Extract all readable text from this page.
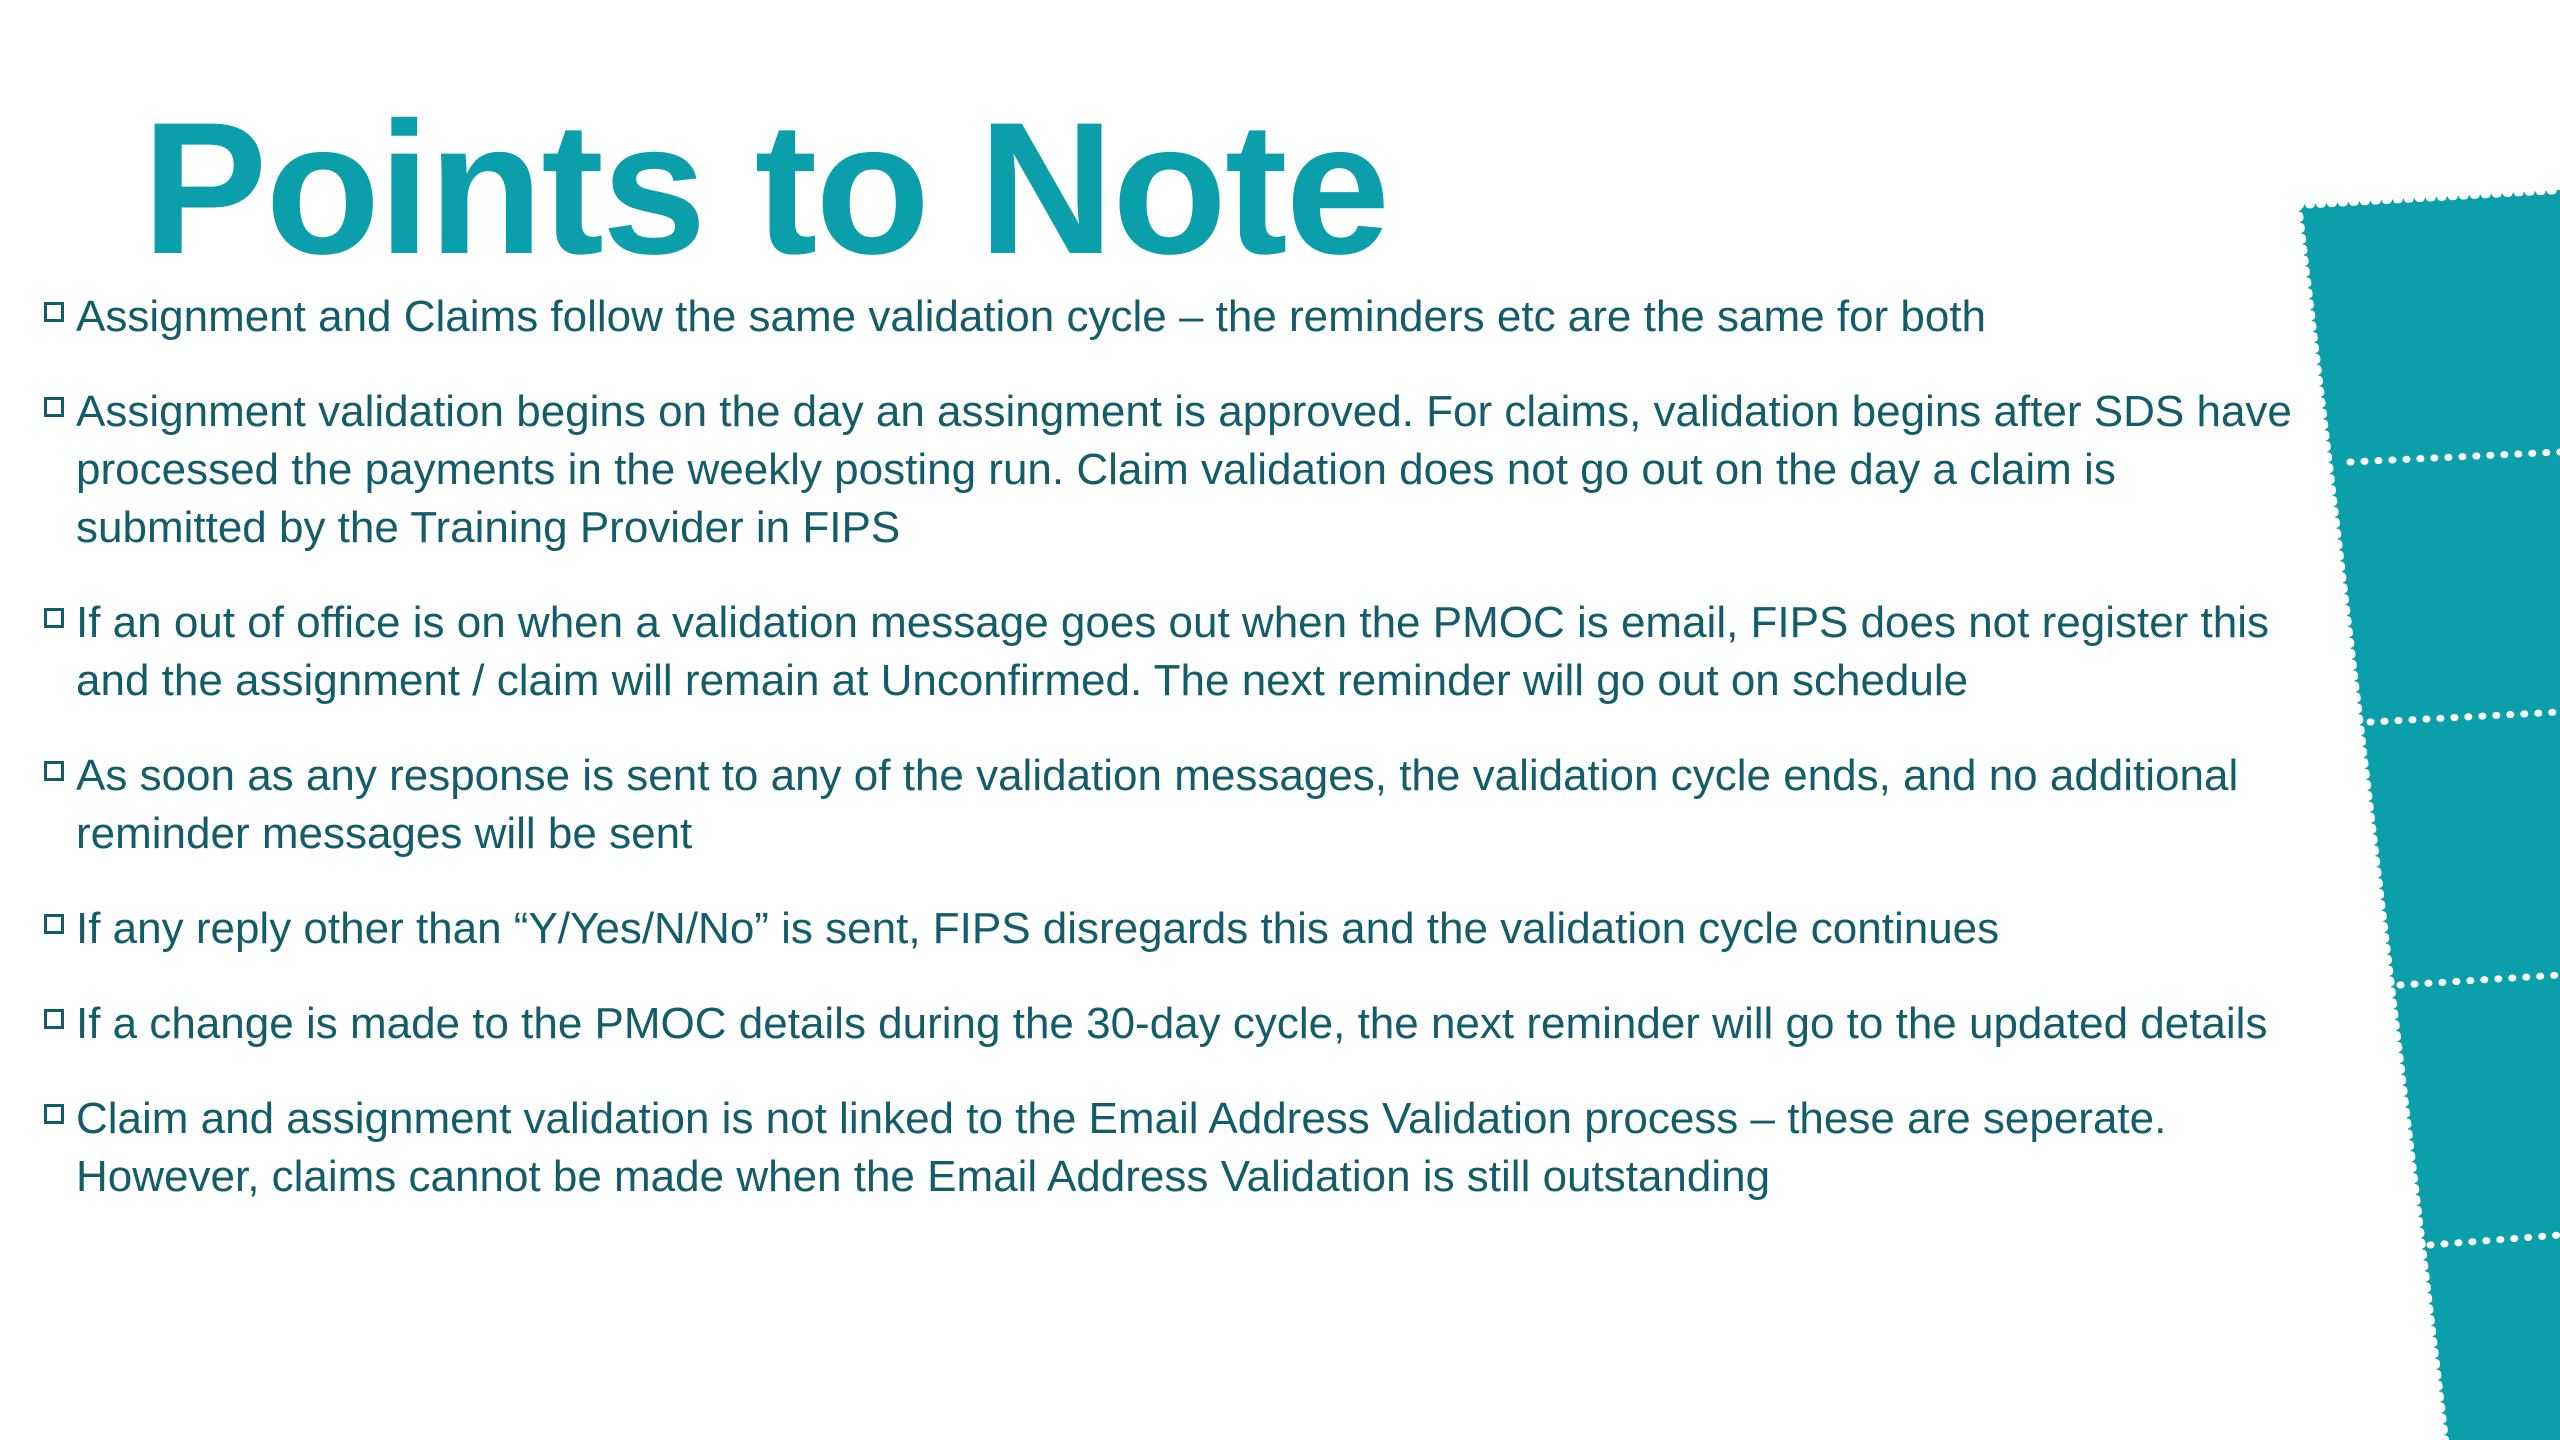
Points to Note
Assignment and Claims follow the same validation cycle – the reminders etc are the same for both
Assignment validation begins on the day an assingment is approved. For claims, validation begins after SDS have processed the payments in the weekly posting run. Claim validation does not go out on the day a claim is submitted by the Training Provider in FIPS
If an out of office is on when a validation message goes out when the PMOC is email, FIPS does not register this and the assignment / claim will remain at Unconfirmed. The next reminder will go out on schedule
As soon as any response is sent to any of the validation messages, the validation cycle ends, and no additional reminder messages will be sent
If any reply other than “Y/Yes/N/No” is sent, FIPS disregards this and the validation cycle continues
If a change is made to the PMOC details during the 30-day cycle, the next reminder will go to the updated details
Claim and assignment validation is not linked to the Email Address Validation process – these are seperate. However, claims cannot be made when the Email Address Validation is still outstanding
